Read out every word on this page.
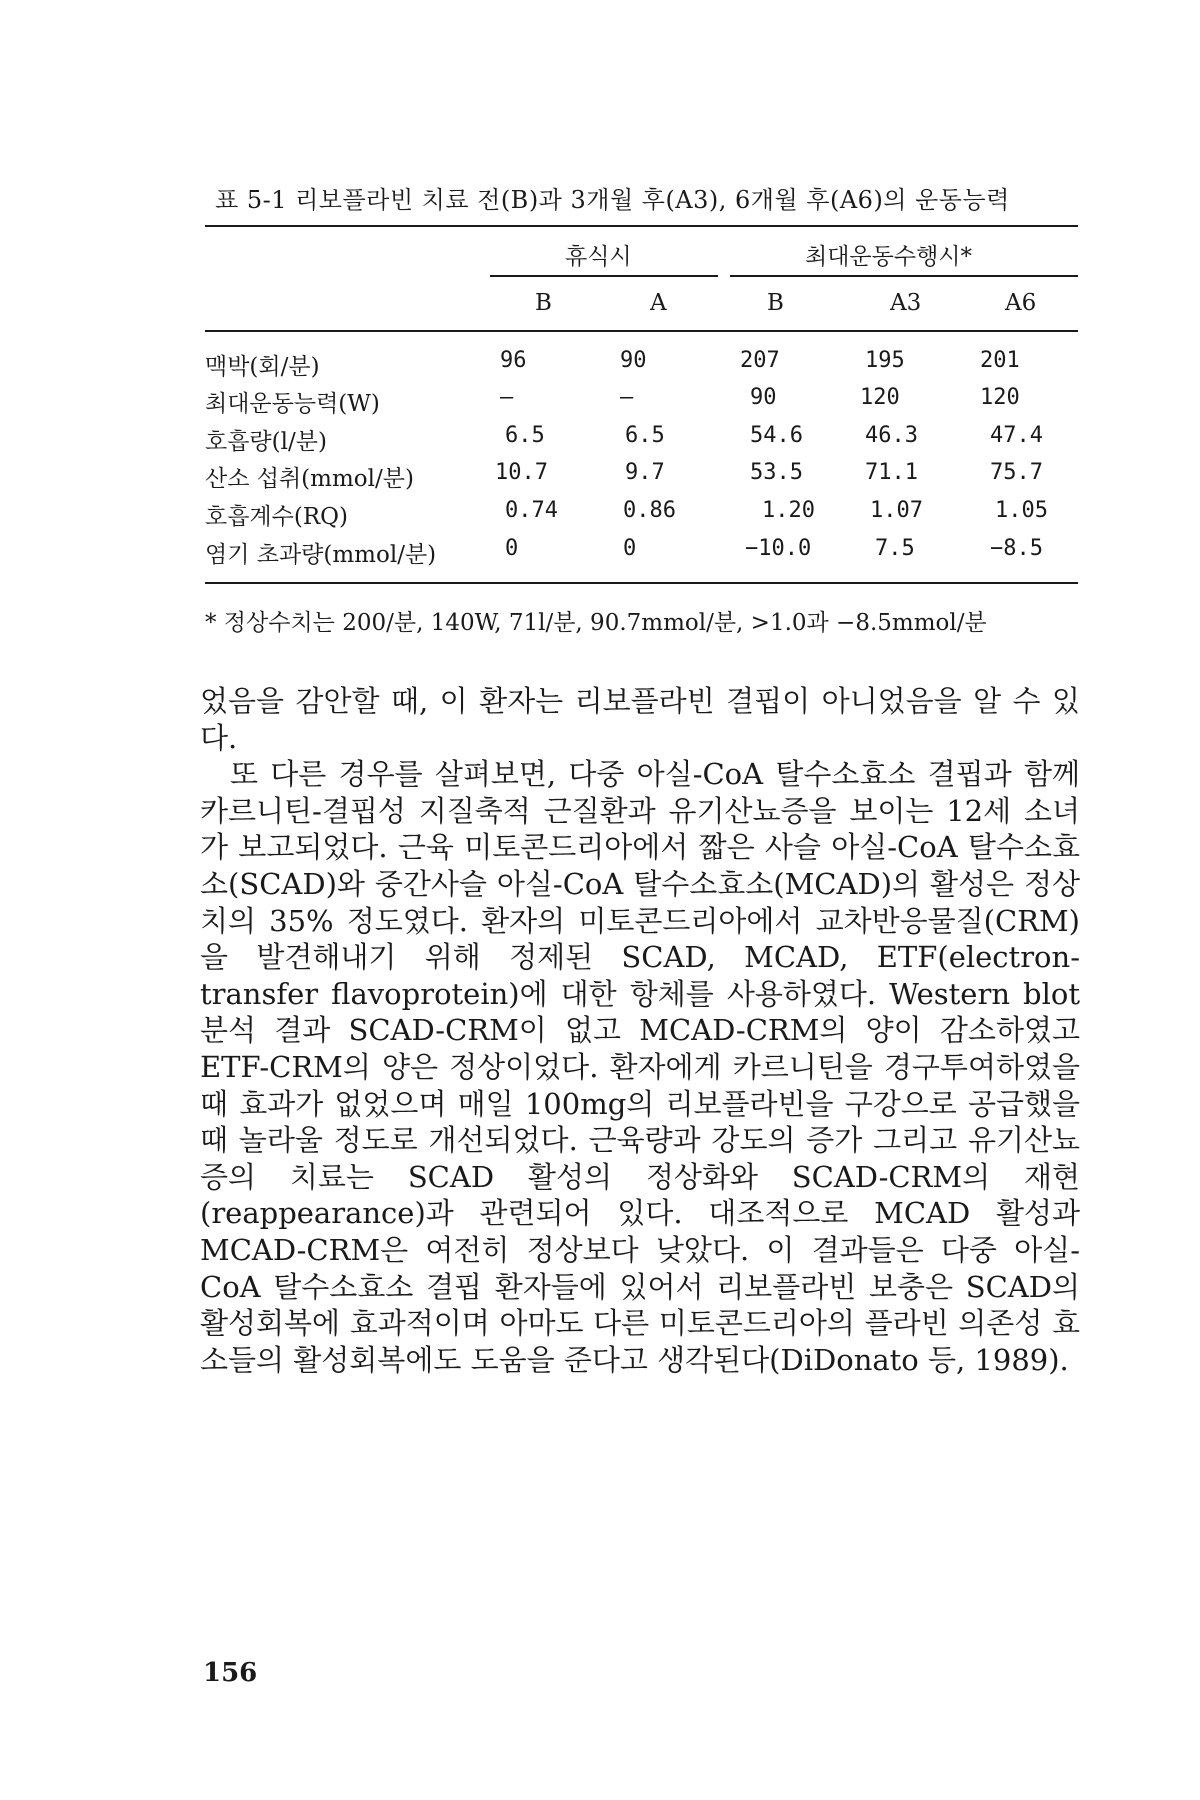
표 5-1 리보플라빈 치료 전(B)과 3개월 후(A3), 6개월 후(A6)의 운동능력
휴식시	최대운동수행시*
B	A	B	A3	A6
맥박(회/분)	96	90	207	195	201
최대운동능력(W)	—	—	90	120	120
호흡량(l/분)	6.5	6.5	54.6	46.3	47.4
산소 섭취(mmol/분)	10.7	9.7	53.5	71.1	75.7
호흡계수(RQ)	0.74	0.86	1.20	1.07	1.05
염기 초과량(mmol/분)	0	0	−10.0	7.5	−8.5
* 정상수치는 200/분, 140W, 71l/분, 90.7mmol/분, >1.0과 −8.5mmol/분

었음을 감안할 때, 이 환자는 리보플라빈 결핍이 아니었음을 알 수 있다.

또 다른 경우를 살펴보면, 다중 아실-CoA 탈수소효소 결핍과 함께 카르니틴-결핍성 지질축적 근질환과 유기산뇨증을 보이는 12세 소녀가 보고되었다. 근육 미토콘드리아에서 짧은 사슬 아실-CoA 탈수소효소(SCAD)와 중간사슬 아실-CoA 탈수소효소(MCAD)의 활성은 정상치의 35% 정도였다. 환자의 미토콘드리아에서 교차반응물질(CRM)을 발견해내기 위해 정제된 SCAD, MCAD, ETF(electron-transfer flavoprotein)에 대한 항체를 사용하였다. Western blot 분석 결과 SCAD-CRM이 없고 MCAD-CRM의 양이 감소하였고 ETF-CRM의 양은 정상이었다. 환자에게 카르니틴을 경구투여하였을 때 효과가 없었으며 매일 100mg의 리보플라빈을 구강으로 공급했을 때 놀라울 정도로 개선되었다. 근육량과 강도의 증가 그리고 유기산뇨증의 치료는 SCAD 활성의 정상화와 SCAD-CRM의 재현(reappearance)과 관련되어 있다. 대조적으로 MCAD 활성과 MCAD-CRM은 여전히 정상보다 낮았다. 이 결과들은 다중 아실-CoA 탈수소효소 결핍 환자들에 있어서 리보플라빈 보충은 SCAD의 활성회복에 효과적이며 아마도 다른 미토콘드리아의 플라빈 의존성 효소들의 활성회복에도 도움을 준다고 생각된다(DiDonato 등, 1989).

156
